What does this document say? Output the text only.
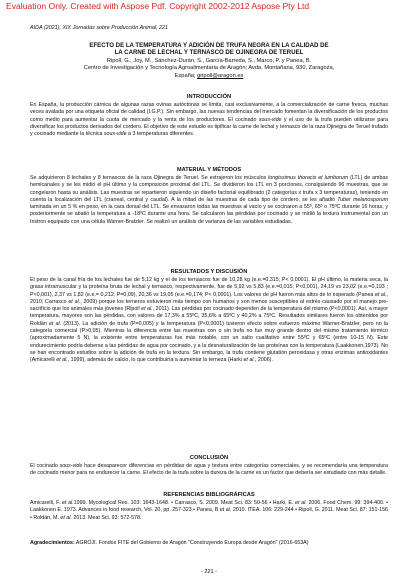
Evaluation Only. Created with Aspose Pdf. Copyright 2002-2012 Aspose Pty Ltd
AIDA (2021), XIX Jornadas sobre Producción Animal, 221
EFECTO DE LA TEMPERATURA Y ADICIÓN DE TRUFA NEGRA EN LA CALIDAD DE
LA CARNE DE LECHAL Y TERNASCO DE OJINEGRA DE TERUEL
Ripoll, G., Joy, M., Sánchez-Durán, S., García-Barreda, S., Marco, P. y Panea, B.
Centro de Investigación y Tecnología Agroalimentaria de Aragón; Avda. Montañana, 930, Zaragoza,
España; gripoll@aragon.es
INTRODUCCIÓN
En España, la producción cárnica de algunas razas ovinas autóctonas se limita, casi exclusivamente, a la comercialización de carne fresca, muchas veces avalada por una etiqueta oficial de calidad (I.G.P.). Sin embargo, las nuevas tendencias del mercado fomentan la diversificación de los productos como medio para aumentar la cuota de mercado y la renta de los productores. El cocinado sous-vide y el uso de la trufa pueden utilizarse para diversificar los productos derivados del cordero. El objetivo de este estudio es tipificar la carne de lechal y ternasco de la raza Ojinegra de Teruel trufado y cocinado mediante la técnica sous-vide a 3 temperaturas diferentes.
MATERIAL Y MÉTODOS
Se adquirieron 8 lechales y 8 ternascos de la raza Ojinegra de Teruel. Se extrajeron los músculos longissimus thoracis et lumborum (LTL) de ambas hemicanales y se les midió el pH último y la composición proximal del LTL. Se dividieron los LTL en 3 porciones, consiguiendo 96 muestras, que se congelaron hasta su análisis. Las muestras se repartieron siguiendo un diseño factorial equilibrado (2 categorías x trufa x 3 temperaturas), teniendo en cuenta la localización del LTL (craneal, central y caudal). A la mitad de las muestras de cada tipo de cordero, se les añadió Tuber melanosporum laminada en un 5 % en peso, en la cara dorsal del LTL. Se envasaron todas las muestras al vacío y se cocinaron a 55º, 65º o 75ºC durante 16 horas, y posteriormente se abatió la temperatura a -18ºC durante una hora. Se calcularon las pérdidas por cocinado y se midió la textura instrumental con un Instron equipado con una célula Warner-Bratzler. Se realizó un análisis de varianza de las variables estudiadas.
RESULTADOS Y DISCUSIÓN
El peso de la canal fría de los lechales fue de 5,12 kg y el de los ternascos fue de 10,28 kg (e.e.=0,315; P< 0,0001). El pH último, la materia seca, la grasa intramuscular y la proteína bruta de lechal y ternasco, respectivamente, fue de 5,92 vs 5,83 (e.e.=0,015; P<0,001), 24,19 vs 23,02 (e.e.=0,193 ; P<0,001), 2,37 vs 1,82 (e.e.= 0,212; P=0,09), 20,36 vs 19,05 (e.e.=0,174; P< 0,0001). Los valores de pH fueron más altos de lo esperado (Panea et al., 2010; Carrasco et al., 2009) porque los terneros estuvieron más tiempo con humanos y son menos susceptibles al estrés causado por el manejo pre-sacrificio que los animales más jóvenes (Ripoll et al., 2011). Las pérdidas por cocinado dependen de la temperatura del mismo (P<0,0001). Así, a mayor temperatura, mayores son las pérdidas, con valores de 17,3% a 55ºC, 35,6% a 65ºC y 40,2% a 75ºC. Resultados similares fueron los obtenidos por Roldán et al. (2013). La adición de trufa (P=0,005) y la temperatura (P<0,0001) tuvieron efecto sobre esfuerzo máximo Warner-Bratzler, pero no la categoría comercial (P>0,05). Mientras la diferencia entre las muestras con o sin trufa no fue muy grande dentro del mismo tratamiento térmico (aproximadamente 5 N), la existente entre temperaturas fue más notable, con un salto cualitativo entre 55ºC y 65ºC (entre 10-15 N). Este endurecimiento podría deberse a las pérdidas de agua por cocinado, y a la desnaturalización de las proteínas con la temperatura (Laakkonen,1973). No se han encontrado estudios sobre la adición de trufa en la textura. Sin embargo, la trufa contiene glutatión peroxidasa y otras enzimas antioxidantes (Amicarelli et al., 1999), además de calcio, lo que contribuiría a aumentar la terneza (Harki et al., 2006).
CONCLUSIÓN
El cocinado sous-vide hace desaparecer diferencias en pérdidas de agua y textura entre categorías comerciales, y se recomendaría una temperatura de cocinado menor para no endurecer la carne. El efecto de la trufa sobre la dureza de la carne es un factor que debería ser estudiado con más detalle.
REFERENCIAS BIBLIOGRÁFICAS
Amicarelli, F. et al.1999. Mycological Res. 103: 1643-1648. • Carrasco, S. 2009. Meat Sci. 83: 50-56 • Harki, E. et al. 2006. Food Chem. 99: 394-400. • Laakkonen E. 1973. Advances in food research, Vol. 20, pp. 257-323.• Panea, B et al. 2010. ITEA. 106: 229-244 • Ripoll, G. 2011. Meat Sci. 87: 151-156 • Roldán, M. et al. 2013. Meat Sci. 93: 572-578.
Agradecimientos: AGROJI. Fondos FITE del Gobierno de Aragón "Construyendo Europa desde Aragón" (2016-653A)
- 221 -
